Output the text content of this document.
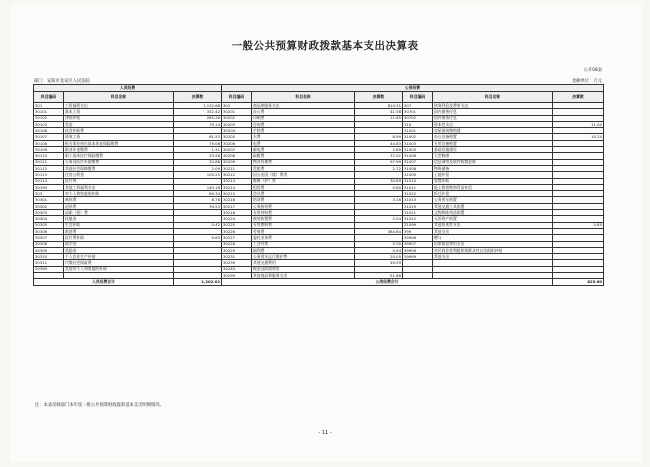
一般公共预算财政拨款基本支出决算表
公开08表
部门：安阳市龙安区人民法院	金额单位：万元
人员经费			公用经费					
科目编码	科目名称	决算数	科目编码	科目名称	决算数	科目编码	科目名称	决算数
301	工资福利支出	1,132.68	302	商品和服务支出	814.31	307	债务利息及费用支出	
30101	基本工资	332.42	30201	办公费	41.58	30701	国内债务付息	
30102	津贴补贴	265.26	30202	印刷费	11.65	30702	国外债务付息	
30103	奖金	79.14	30203	咨询费		310	资本性支出	11.00
30106	伙食补助费		30204	手续费		31001	房屋建筑物购建	
30107	绩效工资	61.53	30205	水费	8.99	31002	办公设备购置	10.24
30108	机关事业单位基本养老保险缴费	79.06	30206	电费	44.83	31003	专用设备购置	
30109	职业年金缴费	1.31	30207	邮电费	2.89	31005	基础设施建设	
30110	职工基本医疗保险缴费	33.58	30208	取暖费	37.52	31006	大型修缮	
30111	公务员医疗补助缴费	32.88	30209	物业管理费	97.99	31007	信息网络及软件购置更新	
30112	其他社会保障缴费	2.09	30211	差旅费	2.72	31008	物资储备	
30113	住房公积金	105.25	30212	因公出国（境）费用		31009	土地补偿	
30114	医疗费		30213	维修（护）费	30.89	31010	安置补助	
30199	其他工资福利支出	140.16	30214	租赁费	0.80	31011	地上附着物和青苗补偿	
303	对个人和家庭的补助	69.34	30215	会议费		31012	拆迁补偿	
30301	离休费	8.76	30216	培训费	3.16	31013	公务用车购置	
30302	退休费	39.53	30217	公务接待费		31019	其他交通工具购置	
30303	退职（役）费		30218	专用材料费		31021	文物和陈列品购置	
30304	抚恤金		30224	被装购置费	2.54	31022	无形资产购置	
30305	生活补助	0.42	30225	专用燃料费		31099	其他资本性支出	0.85
30306	救济费		30226	劳务费	384.64	399	其他支出	
30307	医疗费补助	0.63	30227	委托业务费		39906	赠与	
30308	助学金		30228	工会经费	5.30	39907	国家赔偿费用支出	
30309	奖励金		30229	福利费	0.94	39908	对民间非营利组织和群众性自治组织补贴	
30310	个人农业生产补贴		30231	公务用车运行维护费	20.05	39999	其他支出	
30311	代缴社会保险费		30239	其他交通费用	49.59			
30399	其他对个人和家庭的补助		30240	税金及附加费用				
			30299	其他商品和服务支出	51.86			
人员经费合计		1,202.02	公用经费合计					825.60
注：本表反映部门本年度一般公共预算财政拨款基本支出明细情况。
- 11 -
